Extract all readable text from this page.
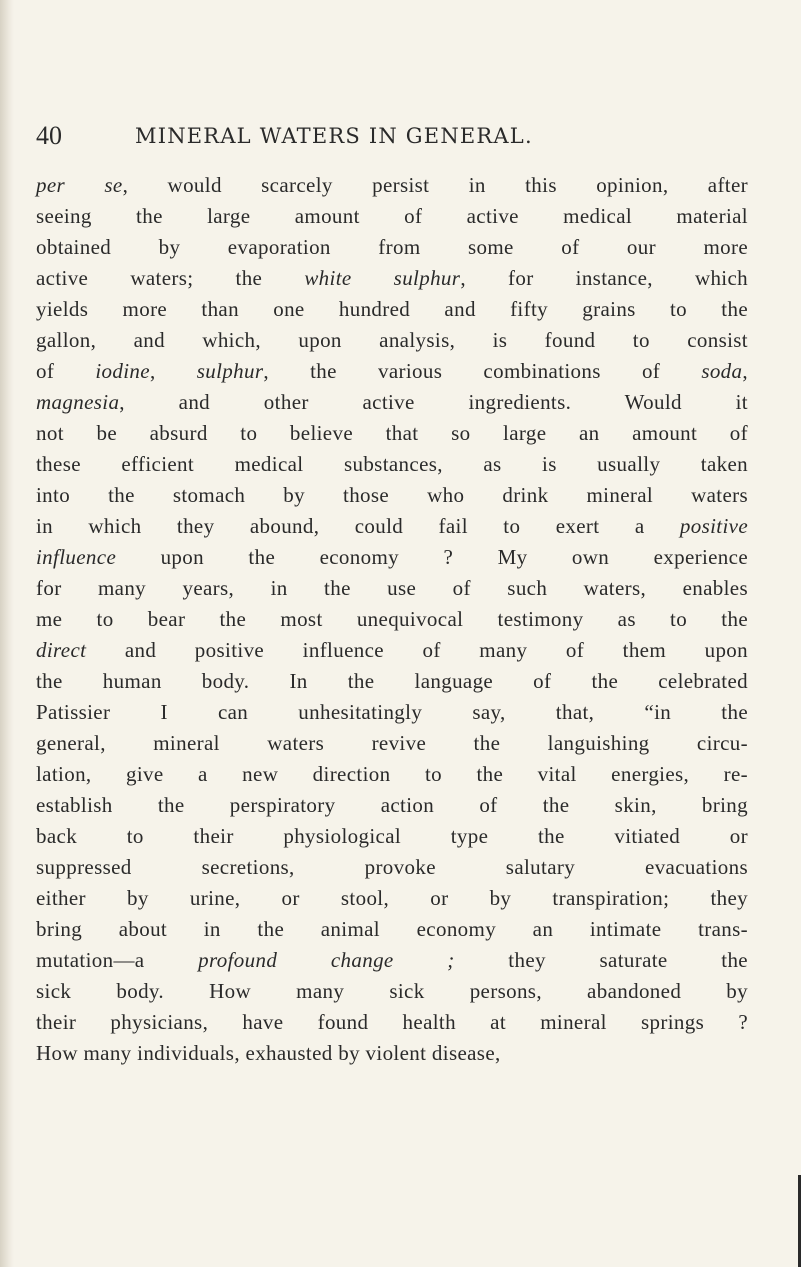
40	MINERAL WATERS IN GENERAL.
per se, would scarcely persist in this opinion, after
seeing the large amount of active medical material
obtained by evaporation from some of our more
active waters; the white sulphur, for instance, which
yields more than one hundred and fifty grains to the
gallon, and which, upon analysis, is found to consist
of iodine, sulphur, the various combinations of soda,
magnesia, and other active ingredients. Would it
not be absurd to believe that so large an amount of
these efficient medical substances, as is usually taken
into the stomach by those who drink mineral waters
in which they abound, could fail to exert a positive
influence upon the economy ? My own experience
for many years, in the use of such waters, enables
me to bear the most unequivocal testimony as to the
direct and positive influence of many of them upon
the human body. In the language of the celebrated
Patissier I can unhesitatingly say, that, “in the
general, mineral waters revive the languishing circu-
lation, give a new direction to the vital energies, re-
establish the perspiratory action of the skin, bring
back to their physiological type the vitiated or
suppressed secretions, provoke salutary evacuations
either by urine, or stool, or by transpiration; they
bring about in the animal economy an intimate trans-
mutation—a profound change ; they saturate the
sick body. How many sick persons, abandoned by
their physicians, have found health at mineral springs ?
How many individuals, exhausted by violent disease,
